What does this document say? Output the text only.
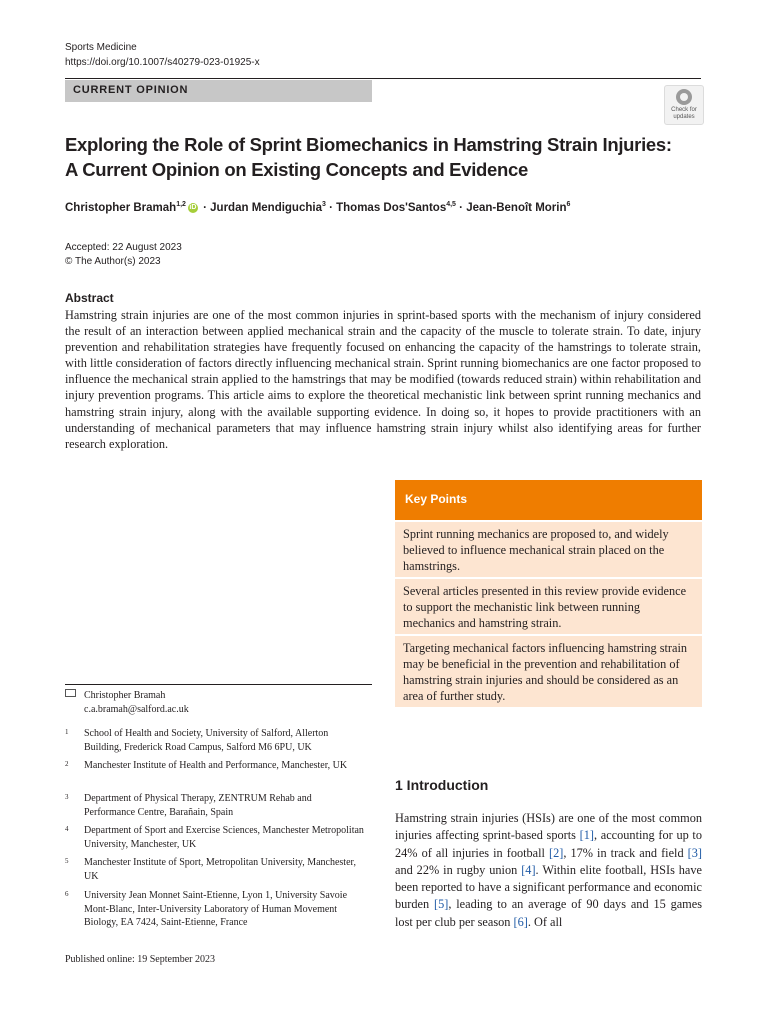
Sports Medicine
https://doi.org/10.1007/s40279-023-01925-x
CURRENT OPINION
Check for
updates
Exploring the Role of Sprint Biomechanics in Hamstring Strain Injuries:
A Current Opinion on Existing Concepts and Evidence
Christopher Bramah$^{1,2}$ iD · Jurdan Mendiguchia$^3$ · Thomas Dos'Santos$^{4,5}$ · Jean-Benoît Morin$^6$
Accepted: 22 August 2023
© The Author(s) 2023
Abstract
Hamstring strain injuries are one of the most common injuries in sprint-based sports with the mechanism of injury considered the result of an interaction between applied mechanical strain and the capacity of the muscle to tolerate strain. To date, injury prevention and rehabilitation strategies have frequently focused on enhancing the capacity of the hamstrings to tolerate strain, with little consideration of factors directly influencing mechanical strain. Sprint running biomechanics are one factor proposed to influence the mechanical strain applied to the hamstrings that may be modified (towards reduced strain) within rehabilitation and injury prevention programs. This article aims to explore the theoretical mechanistic link between sprint running mechanics and hamstring strain injury, along with the available supporting evidence. In doing so, it hopes to provide practitioners with an understanding of mechanical parameters that may influence hamstring strain injury whilst also identifying areas for further research exploration.
Key Points
Sprint running mechanics are proposed to, and widely believed to influence mechanical strain placed on the hamstrings.
Several articles presented in this review provide evidence to support the mechanistic link between running mechanics and hamstring strain.
Targeting mechanical factors influencing hamstring strain may be beneficial in the prevention and rehabilitation of hamstring strain injuries and should be considered as an area of further study.
Christopher Bramah
c.a.bramah@salford.ac.uk
1 School of Health and Society, University of Salford, Allerton Building, Frederick Road Campus, Salford M6 6PU, UK
2 Manchester Institute of Health and Performance, Manchester, UK
3 Department of Physical Therapy, ZENTRUM Rehab and Performance Centre, Barañain, Spain
4 Department of Sport and Exercise Sciences, Manchester Metropolitan University, Manchester, UK
5 Manchester Institute of Sport, Metropolitan University, Manchester, UK
6 University Jean Monnet Saint-Etienne, Lyon 1, University Savoie Mont-Blanc, Inter-University Laboratory of Human Movement Biology, EA 7424, Saint-Etienne, France
1 Introduction
Hamstring strain injuries (HSIs) are one of the most common injuries affecting sprint-based sports [1], accounting for up to 24% of all injuries in football [2], 17% in track and field [3] and 22% in rugby union [4]. Within elite football, HSIs have been reported to have a significant performance and economic burden [5], leading to an average of 90 days and 15 games lost per club per season [6]. Of all
Published online: 19 September 2023
